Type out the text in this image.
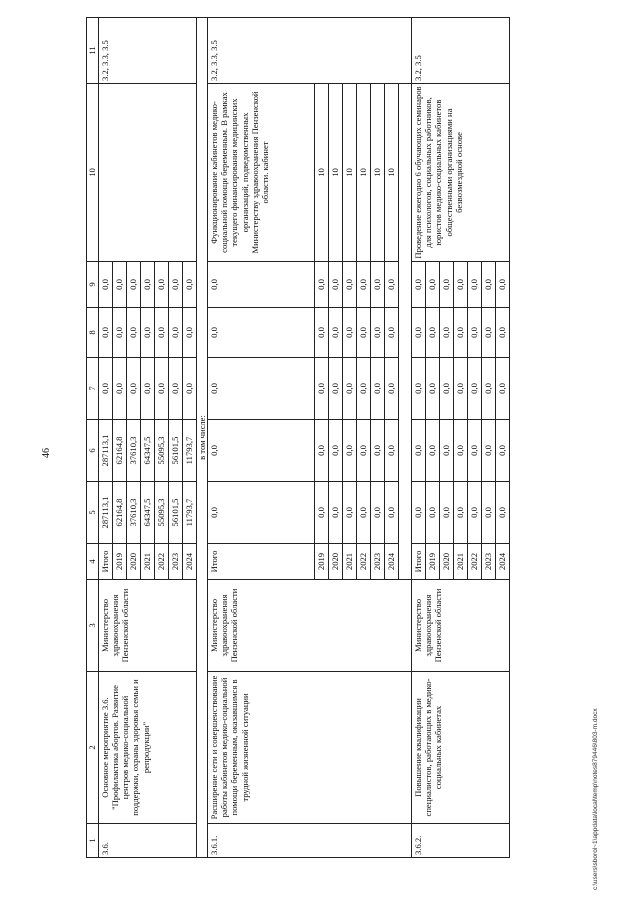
46
1	2	3	4	5	6	7	8	9	10	11
3.6.	Основное мероприятие 3.6. "Профилактика абортов. Развитие центров медико-социальной поддержки, охраны здоровья семьи и репродукции"	Министерство здравоохранения Пензенской области	Итого	287113,1	287113,1	0,0	0,0	0,0		3.2, 3.3, 3.5
			2019	62164,8	62164,8	0,0	0,0	0,0		
			2020	37610,3	37610,3	0,0	0,0	0,0		
			2021	64347,5	64347,5	0,0	0,0	0,0		
			2022	55095,3	55095,3	0,0	0,0	0,0		
			2023	56101,5	56101,5	0,0	0,0	0,0		
			2024	11793,7	11793,7	0,0	0,0	0,0		
в том числе:										
3.6.1.	Расширение сети и совершенствование работы кабинетов медико-социальной помощи беременным, оказавшимся в трудной жизненной ситуации	Министерство здравоохранения Пензенской области	Итого	0,0	0,0	0,0	0,0	0,0	Функционирование кабинетов медико-социальной помощи беременным. В рамках текущего финансирования медицинских организаций, подведомственных Министерству здравоохранения Пензенской области. кабинет	3.2, 3.3, 3.5
			2019	0,0	0,0	0,0	0,0	0,0	10	
			2020	0,0	0,0	0,0	0,0	0,0	10	
			2021	0,0	0,0	0,0	0,0	0,0	10	
			2022	0,0	0,0	0,0	0,0	0,0	10	
			2023	0,0	0,0	0,0	0,0	0,0	10	
			2024	0,0	0,0	0,0	0,0	0,0	10	

3.6.2.	Повышение квалификации специалистов, работающих в медико-социальных кабинетах	Министерство здравоохранения Пензенской области	Итого	0,0	0,0	0,0	0,0	0,0	Проведение ежегодно 6 обучающих семинаров для психологов, социальных работников, юристов медико-социальных кабинетов общественными организациями на безвозмездной основе	3.2, 3.5
			2019	0,0	0,0	0,0	0,0	0,0		
			2020	0,0	0,0	0,0	0,0	0,0		
			2021	0,0	0,0	0,0	0,0	0,0		
			2022	0,0	0,0	0,0	0,0	0,0		
			2023	0,0	0,0	0,0	0,0	0,0		
			2024	0,0	0,0	0,0	0,0	0,0		
c:\users\sborol~1\appdata\local\temp\notes879446\803-m.docx
